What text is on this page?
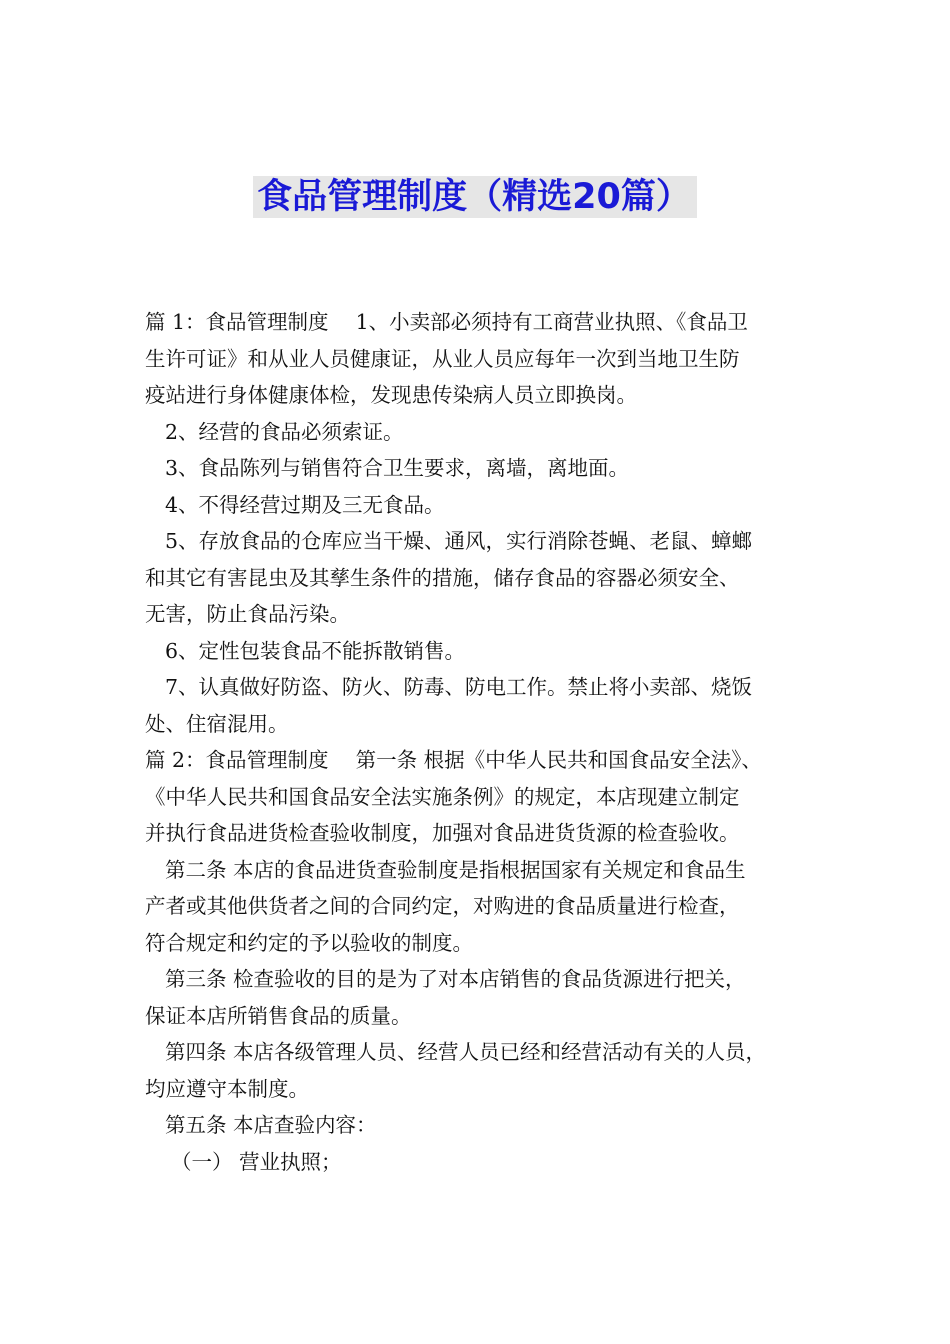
食品管理制度（精选20篇）
篇 1：食品管理制度　 1、小卖部必须持有工商营业执照、《食品卫
生许可证》和从业人员健康证，从业人员应每年一次到当地卫生防
疫站进行身体健康体检，发现患传染病人员立即换岗。
2、经营的食品必须索证。
3、食品陈列与销售符合卫生要求，离墙，离地面。
4、不得经营过期及三无食品。
5、存放食品的仓库应当干燥、通风，实行消除苍蝇、老鼠、蟑螂
和其它有害昆虫及其孳生条件的措施，储存食品的容器必须安全、
无害，防止食品污染。
6、定性包装食品不能拆散销售。
7、认真做好防盗、防火、防毒、防电工作。禁止将小卖部、烧饭
处、住宿混用。
篇 2：食品管理制度　 第一条 根据《中华人民共和国食品安全法》、
《中华人民共和国食品安全法实施条例》的规定，本店现建立制定
并执行食品进货检查验收制度，加强对食品进货货源的检查验收。
第二条 本店的食品进货查验制度是指根据国家有关规定和食品生
产者或其他供货者之间的合同约定，对购进的食品质量进行检查，
符合规定和约定的予以验收的制度。
第三条 检查验收的目的是为了对本店销售的食品货源进行把关，
保证本店所销售食品的质量。
第四条 本店各级管理人员、经营人员已经和经营活动有关的人员，
均应遵守本制度。
第五条 本店查验内容：
（一） 营业执照；
